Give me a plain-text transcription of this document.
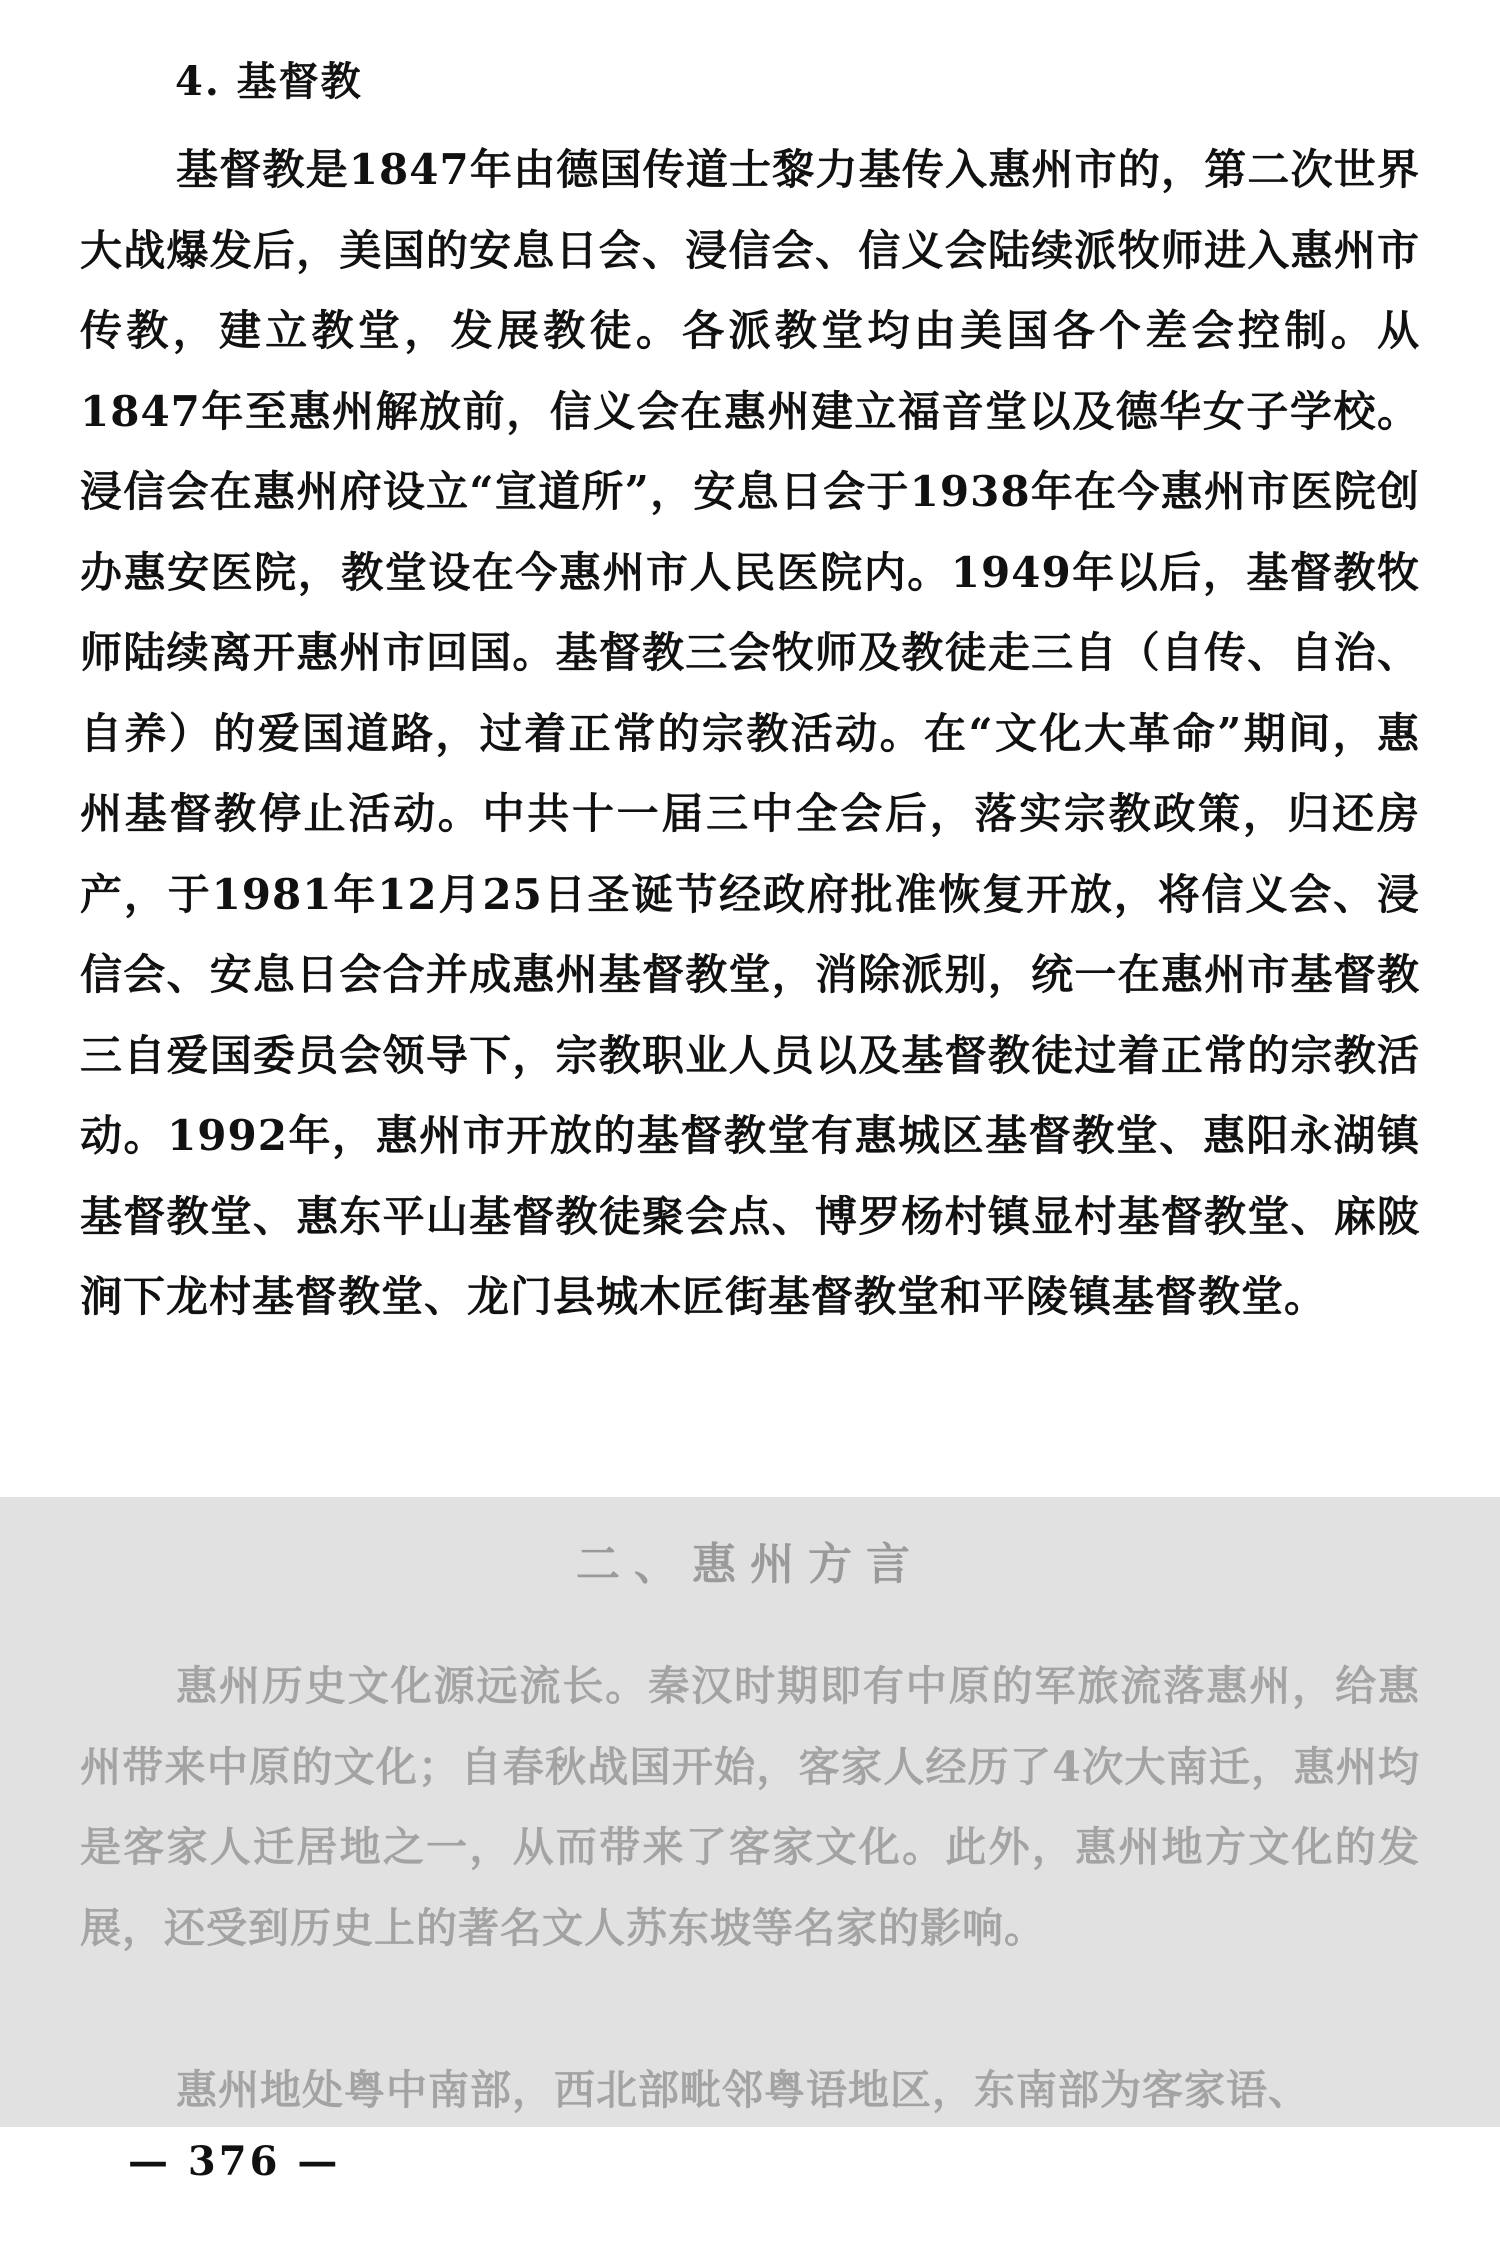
4. 基督教

基督教是1847年由德国传道士黎力基传入惠州市的，第二次世界大战爆发后，美国的安息日会、浸信会、信义会陆续派牧师进入惠州市传教，建立教堂，发展教徒。各派教堂均由美国各个差会控制。从1847年至惠州解放前，信义会在惠州建立福音堂以及德华女子学校。浸信会在惠州府设立“宣道所”，安息日会于1938年在今惠州市医院创办惠安医院，教堂设在今惠州市人民医院内。1949年以后，基督教牧师陆续离开惠州市回国。基督教三会牧师及教徒走三自（自传、自治、自养）的爱国道路，过着正常的宗教活动。在“文化大革命”期间，惠州基督教停止活动。中共十一届三中全会后，落实宗教政策，归还房产，于1981年12月25日圣诞节经政府批准恢复开放，将信义会、浸信会、安息日会合并成惠州基督教堂，消除派别，统一在惠州市基督教三自爱国委员会领导下，宗教职业人员以及基督教徒过着正常的宗教活动。1992年，惠州市开放的基督教堂有惠城区基督教堂、惠阳永湖镇基督教堂、惠东平山基督教徒聚会点、博罗杨村镇显村基督教堂、麻陂涧下龙村基督教堂、龙门县城木匠街基督教堂和平陵镇基督教堂。

二、惠州方言

惠州历史文化源远流长。秦汉时期即有中原的军旅流落惠州，给惠州带来中原的文化；自春秋战国开始，客家人经历了4次大南迁，惠州均是客家人迁居地之一，从而带来了客家文化。此外，惠州地方文化的发展，还受到历史上的著名文人苏东坡等名家的影响。

惠州地处粤中南部，西北部毗邻粤语地区，东南部为客家语、

— 376 —
